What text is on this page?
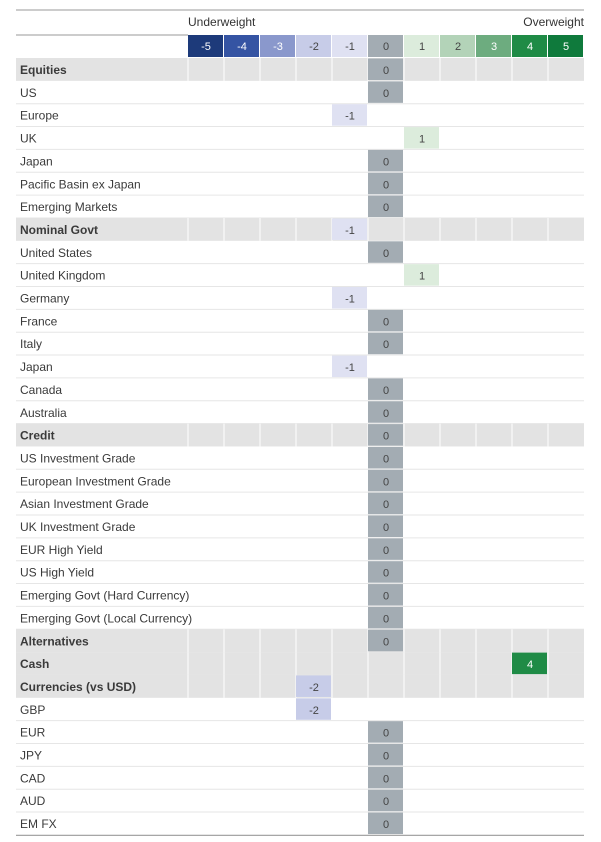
Underweight	Overweight
-5 -4 -3 -2 -1	0	1	2	3	4	5
Equities	0
US	0
Europe	-1
UK	1
Japan	0
Pacific Basin ex Japan	0
Emerging Markets	0
Nominal Govt	-1
United States	0
United Kingdom	1
Germany	-1
France	0
Italy	0
Japan	-1
Canada	0
Australia	0
Credit	0
US Investment Grade	0
European Investment Grade	0
Asian Investment Grade	0
UK Investment Grade	0
EUR High Yield	0
US High Yield	0
Emerging Govt (Hard Currency)	0
Emerging Govt (Local Currency)	0
Alternatives	0
Cash	4
Currencies (vs USD)	-2
GBP	-2
EUR	0
JPY	0
CAD	0
AUD	0
EM FX	0
